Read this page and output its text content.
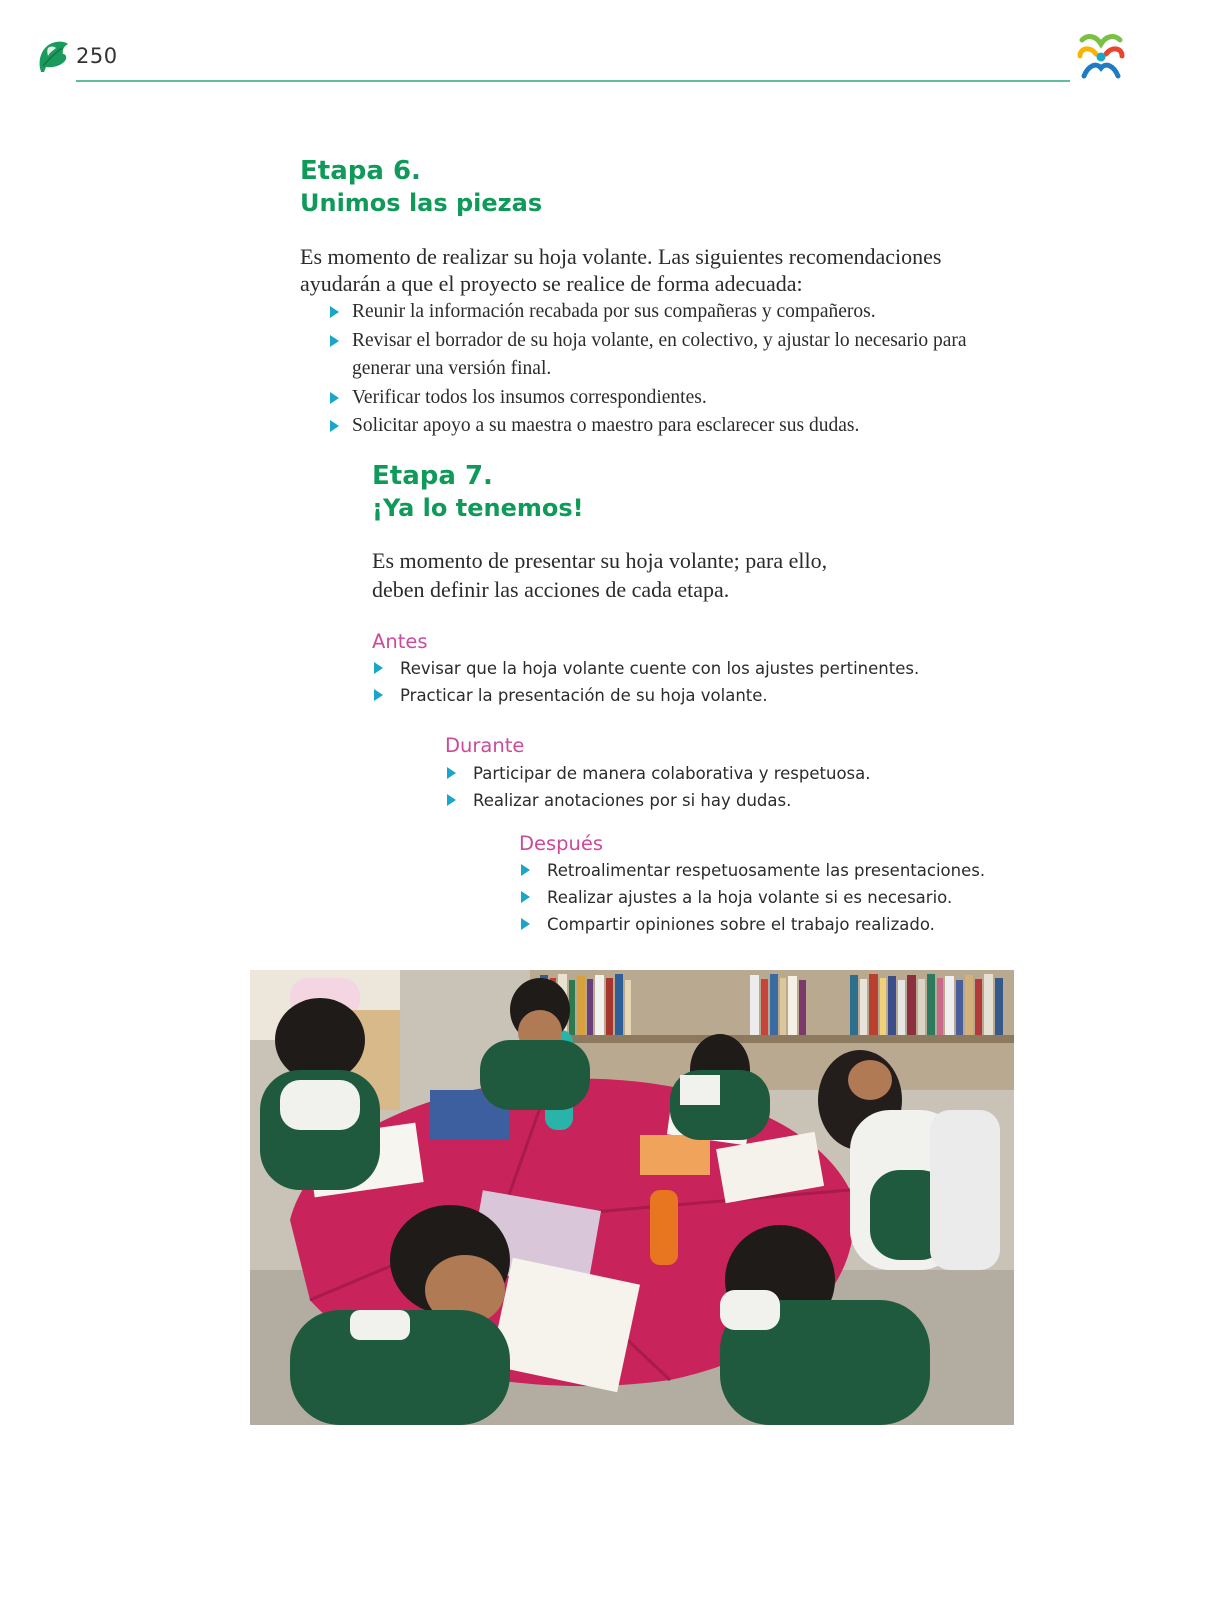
250
Etapa 6.
Unimos las piezas

Es momento de realizar su hoja volante. Las siguientes recomendaciones

ayudarán a que el proyecto se realice de forma adecuada:

Reunir la información recabada por sus compañeras y compañeros.
Revisar el borrador de su hoja volante, en colectivo, y ajustar lo necesario para generar una versión final.
Verificar todos los insumos correspondientes.
Solicitar apoyo a su maestra o maestro para esclarecer sus dudas.
Etapa 7.
¡Ya lo tenemos!

Es momento de presentar su hoja volante; para ello,

deben definir las acciones de cada etapa.

Antes
Revisar que la hoja volante cuente con los ajustes pertinentes.
Practicar la presentación de su hoja volante.
Durante
Participar de manera colaborativa y respetuosa.
Realizar anotaciones por si hay dudas.
Después
Retroalimentar respetuosamente las presentaciones.
Realizar ajustes a la hoja volante si es necesario.
Compartir opiniones sobre el trabajo realizado.
